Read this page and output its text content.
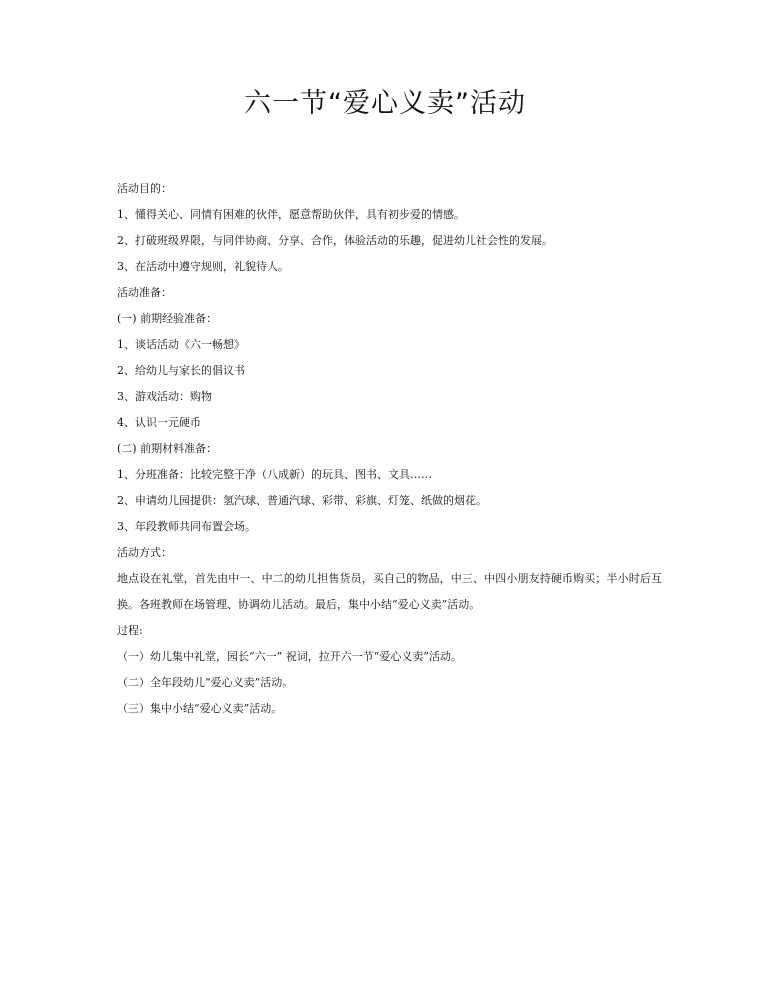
六一节“爱心义卖”活动

活动目的：

1、懂得关心、同情有困难的伙伴，愿意帮助伙伴，具有初步爱的情感。

2、打破班级界限，与同伴协商、分享、合作，体验活动的乐趣，促进幼儿社会性的发展。

3、在活动中遵守规则，礼貌待人。

活动准备：

(一) 前期经验准备：

1、谈话活动《六一畅想》

2、给幼儿与家长的倡议书

3、游戏活动：购物

4、认识一元硬币

(二) 前期材料准备：

1、分班准备：比较完整干净（八成新）的玩具、图书、文具……

2、申请幼儿园提供：氢汽球、普通汽球、彩带、彩旗、灯笼、纸做的烟花。

3、年段教师共同布置会场。

活动方式：

地点设在礼堂，首先由中一、中二的幼儿担售货员，买自己的物品，中三、中四小朋友持硬币购买；半小时后互换。各班教师在场管理、协调幼儿活动。最后，集中小结“爱心义卖”活动。

过程:

（一）幼儿集中礼堂，园长“六一” 祝词，拉开六一节“爱心义卖”活动。

（二）全年段幼儿“爱心义卖”活动。

（三）集中小结“爱心义卖”活动。
